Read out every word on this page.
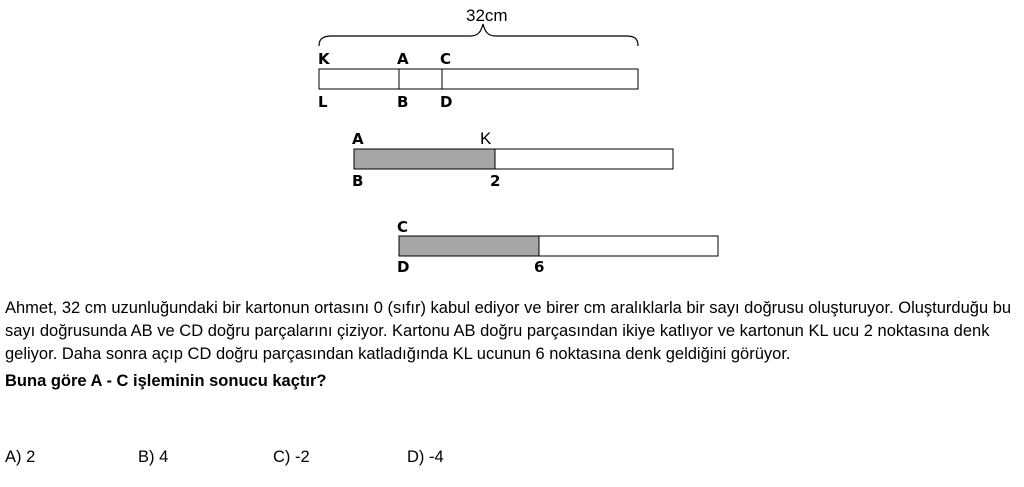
32cm
K	A C
L	B D
A
B
K
2
C
D	6

Ahmet, 32 cm uzunluğundaki bir kartonun ortasını 0 (sıfır) kabul ediyor ve birer cm aralıklarla bir sayı doğrusu oluşturuyor. Oluşturduğu bu sayı doğrusunda AB ve CD doğru parçalarını çiziyor. Kartonu AB doğru parçasından ikiye katlıyor ve kartonun KL ucu 2 noktasına denk geliyor. Daha sonra açıp CD doğru parçasından katladığında KL ucunun 6 noktasına denk geldiğini görüyor.

Buna göre A - C işleminin sonucu kaçtır?

A) 2	B) 4	C) -2	D) -4
